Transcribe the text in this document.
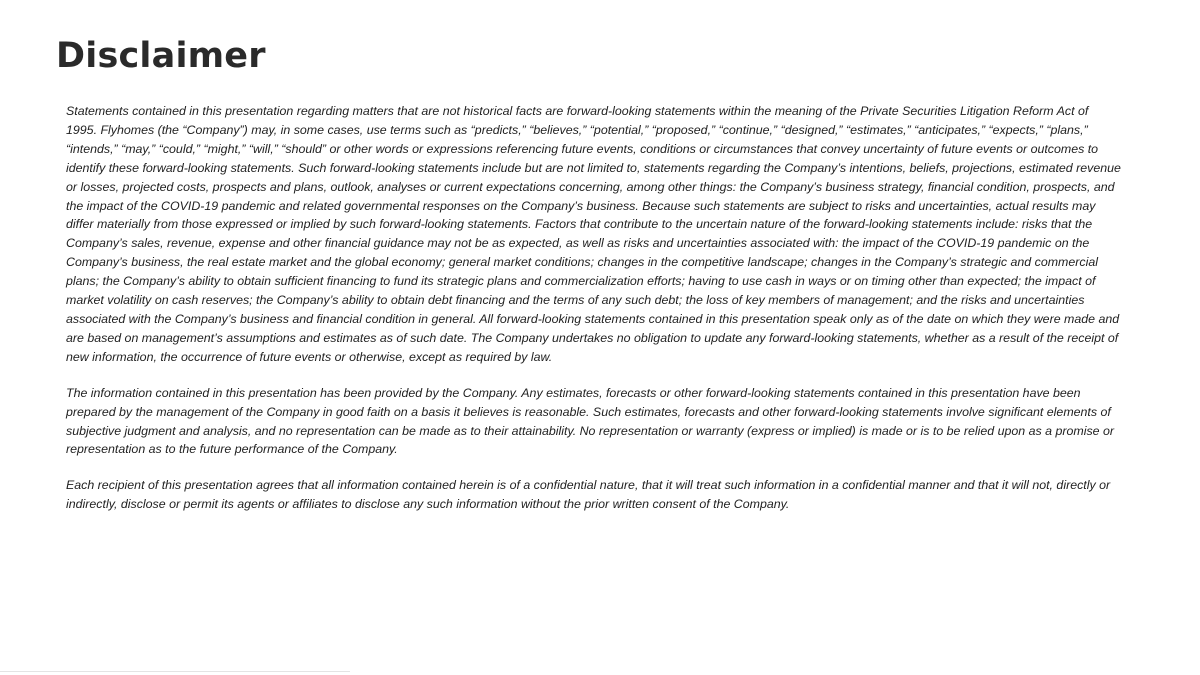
Disclaimer

Statements contained in this presentation regarding matters that are not historical facts are forward-looking statements within the meaning of the Private Securities Litigation Reform Act of 1995. Flyhomes (the “Company”) may, in some cases, use terms such as “predicts,” “believes,” “potential,” “proposed,” “continue,” “designed,” “estimates,” “anticipates,” “expects,” “plans,” “intends,” “may,” “could,” “might,” “will,” “should” or other words or expressions referencing future events, conditions or circumstances that convey uncertainty of future events or outcomes to identify these forward-looking statements. Such forward-looking statements include but are not limited to, statements regarding the Company’s intentions, beliefs, projections, estimated revenue or losses, projected costs, prospects and plans, outlook, analyses or current expectations concerning, among other things: the Company’s business strategy, financial condition, prospects, and the impact of the COVID-19 pandemic and related governmental responses on the Company’s business. Because such statements are subject to risks and uncertainties, actual results may differ materially from those expressed or implied by such forward-looking statements. Factors that contribute to the uncertain nature of the forward-looking statements include: risks that the Company’s sales, revenue, expense and other financial guidance may not be as expected, as well as risks and uncertainties associated with: the impact of the COVID-19 pandemic on the Company’s business, the real estate market and the global economy; general market conditions; changes in the competitive landscape; changes in the Company’s strategic and commercial plans; the Company’s ability to obtain sufficient financing to fund its strategic plans and commercialization efforts; having to use cash in ways or on timing other than expected; the impact of market volatility on cash reserves; the Company’s ability to obtain debt financing and the terms of any such debt; the loss of key members of management; and the risks and uncertainties associated with the Company’s business and financial condition in general. All forward-looking statements contained in this presentation speak only as of the date on which they were made and are based on management’s assumptions and estimates as of such date. The Company undertakes no obligation to update any forward-looking statements, whether as a result of the receipt of new information, the occurrence of future events or otherwise, except as required by law.

The information contained in this presentation has been provided by the Company. Any estimates, forecasts or other forward-looking statements contained in this presentation have been prepared by the management of the Company in good faith on a basis it believes is reasonable. Such estimates, forecasts and other forward-looking statements involve significant elements of subjective judgment and analysis, and no representation can be made as to their attainability. No representation or warranty (express or implied) is made or is to be relied upon as a promise or representation as to the future performance of the Company.

Each recipient of this presentation agrees that all information contained herein is of a confidential nature, that it will treat such information in a confidential manner and that it will not, directly or indirectly, disclose or permit its agents or affiliates to disclose any such information without the prior written consent of the Company.
